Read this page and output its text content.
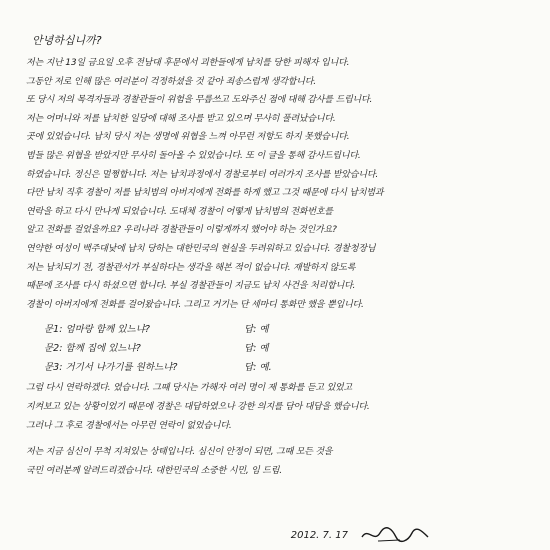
안녕하십니까?

저는 지난 13일 금요일 오후 전남대 후문에서 괴한들에게 납치를 당한 피해자 입니다.

그동안 저로 인해 많은 여러분이 걱정하셨을 것 같아 죄송스럽게 생각합니다.

또 당시 저의 목격자들과 경찰관들이 위험을 무릅쓰고 도와주신 점에 대해 감사를 드립니다.

저는 어머니와 저를 납치한 일당에 대해 조사를 받고 있으며 무사히 풀려났습니다.

곳에 있었습니다. 납치 당시 저는 생명에 위협을 느껴 아무런 저항도 하지 못했습니다.

범들 많은 위협을 받았지만 무사히 돌아올 수 있었습니다. 또 이 글을 통해 감사드립니다.

하였습니다. 정신은 멀쩡합니다. 저는 납치과정에서 경찰로부터 여러가지 조사를 받았습니다.

다만 납치 직후 경찰이 저를 납치범의 아버지에게 전화를 하게 했고 그것 때문에 다시 납치범과

연락을 하고 다시 만나게 되었습니다. 도대체 경찰이 어떻게 납치범의 전화번호를

알고 전화를 걸었을까요? 우리나라 경찰관들이 이렇게까지 했어야 하는 것인가요?

연약한 여성이 백주대낮에 납치 당하는 대한민국의 현실을 두려워하고 있습니다. 경찰청장님

저는 납치되기 전, 경찰관서가 부실하다는 생각을 해본 적이 없습니다. 재발하지 않도록

때문에 조사를 다시 하셨으면 합니다. 부실 경찰관들이 지금도 납치 사건을 처리합니다.

경찰이 아버지에게 전화를 걸어왔습니다. 그리고 거기는 단 세마디 통화만 했을 뿐입니다.

문1: 엄마랑 함께 있느냐?	답: 예
문2: 함께 집에 있느냐?	답: 예
문3: 거기서 나가기를 원하느냐?	답: 예.

그럼 다시 연락하겠다. 였습니다. 그때 당시는 가해자 여러 명이 제 통화를 듣고 있었고

지켜보고 있는 상황이었기 때문에 경찰은 대답하였으나 강한 의지를 담아 대답을 했습니다.

그러나 그 후로 경찰에서는 아무런 연락이 없었습니다.

저는 지금 심신이 무척 지쳐있는 상태입니다. 심신이 안정이 되면, 그때 모든 것을

국민 여러분께 알려드리겠습니다. 대한민국의 소중한 시민, 임 드림.

2012. 7. 17
